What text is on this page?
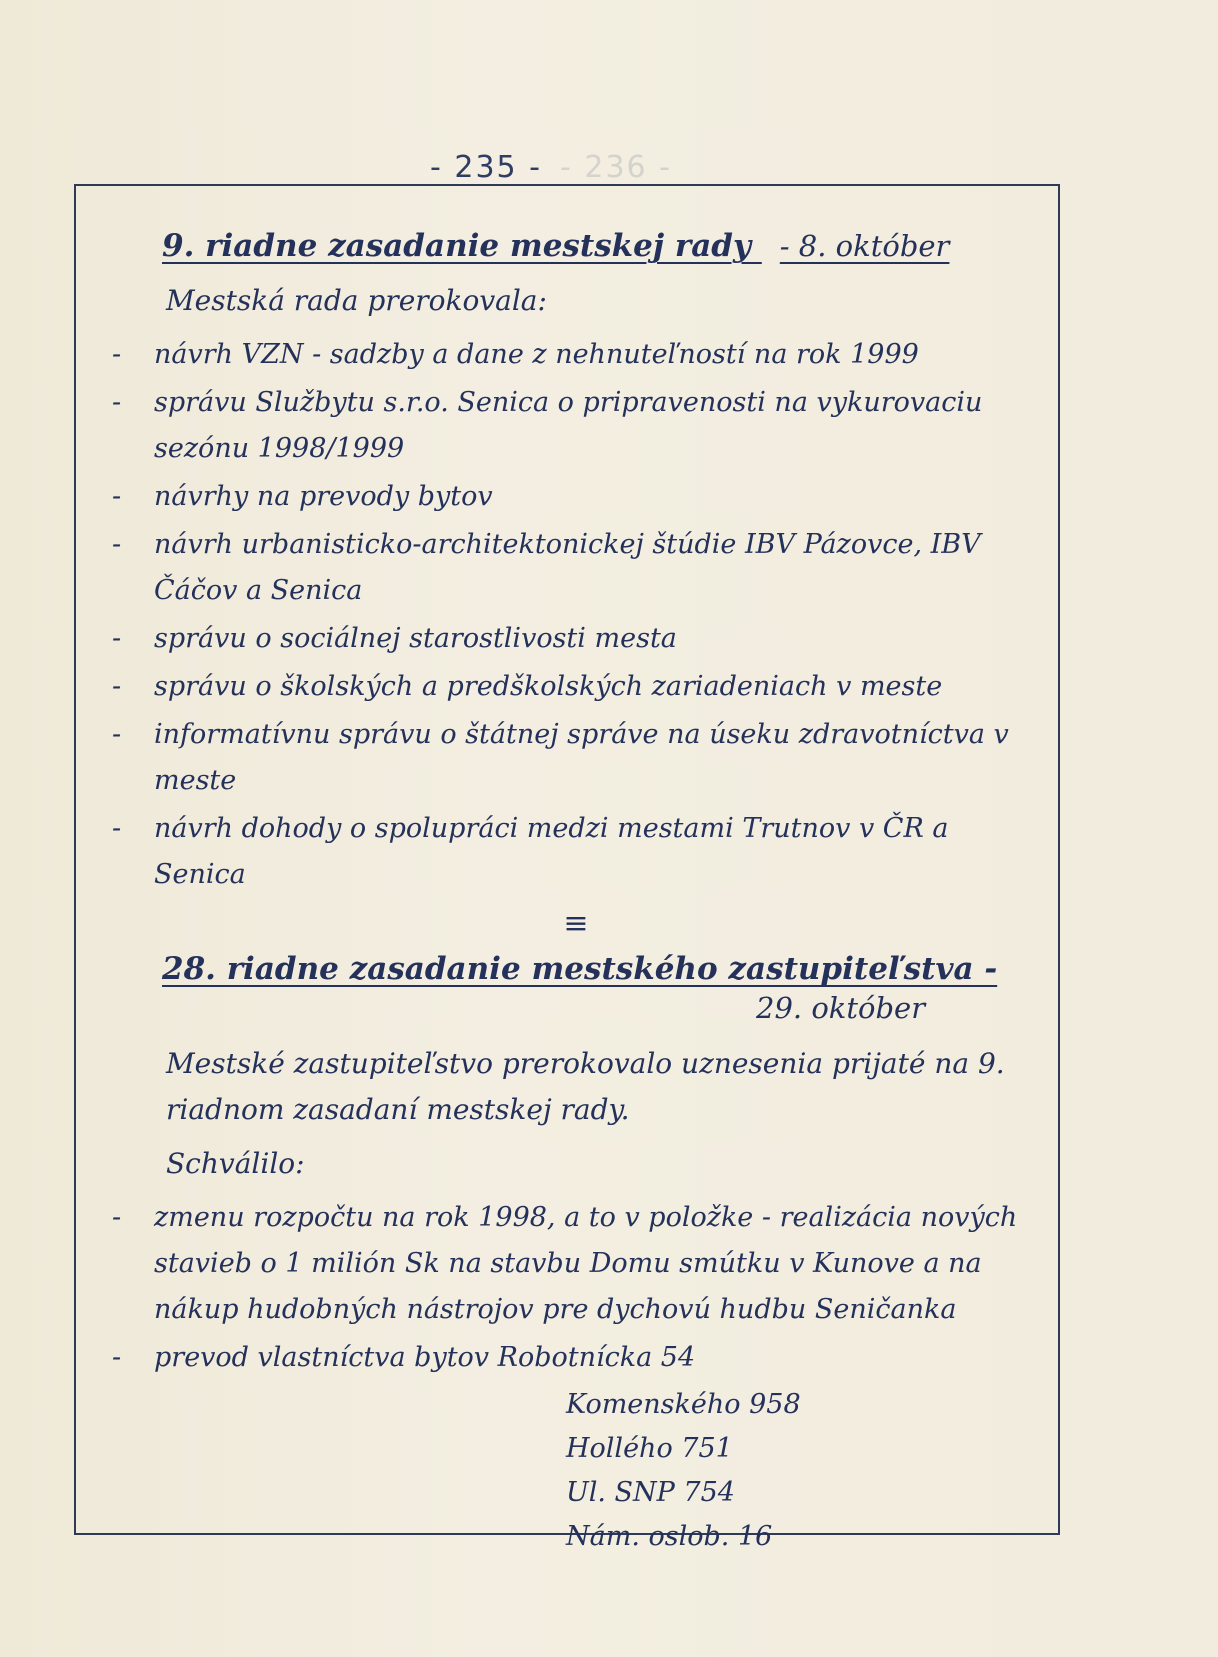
- 235 - - 236 -
9. riadne zasadanie mestskej rady - 8. október
Mestská rada prerokovala:
- návrh VZN - sadzby a dane z nehnuteľností na rok 1999
- správu Službytu s.r.o. Senica o pripravenosti na vykurovaciu sezónu 1998/1999
- návrhy na prevody bytov
- návrh urbanisticko-architektonickej štúdie IBV Pázovce, IBV Čáčov a Senica
- správu o sociálnej starostlivosti mesta
- správu o školských a predškolských zariadeniach v meste
- informatívnu správu o štátnej správe na úseku zdravotníctva v meste
- návrh dohody o spolupráci medzi mestami Trutnov v ČR a Senica
≡
28. riadne zasadanie mestského zastupiteľstva -
29. október
Mestské zastupiteľstvo prerokovalo uznesenia prijaté na 9. riadnom zasadaní mestskej rady.
Schválilo:
- zmenu rozpočtu na rok 1998, a to v položke - realizácia nových stavieb o 1 milión Sk na stavbu Domu smútku v Kunove a na nákup hudobných nástrojov pre dychovú hudbu Seničanka
- prevod vlastníctva bytov Robotnícka 54
Komenského 958
Hollého 751
Ul. SNP 754
Nám. oslob. 16
